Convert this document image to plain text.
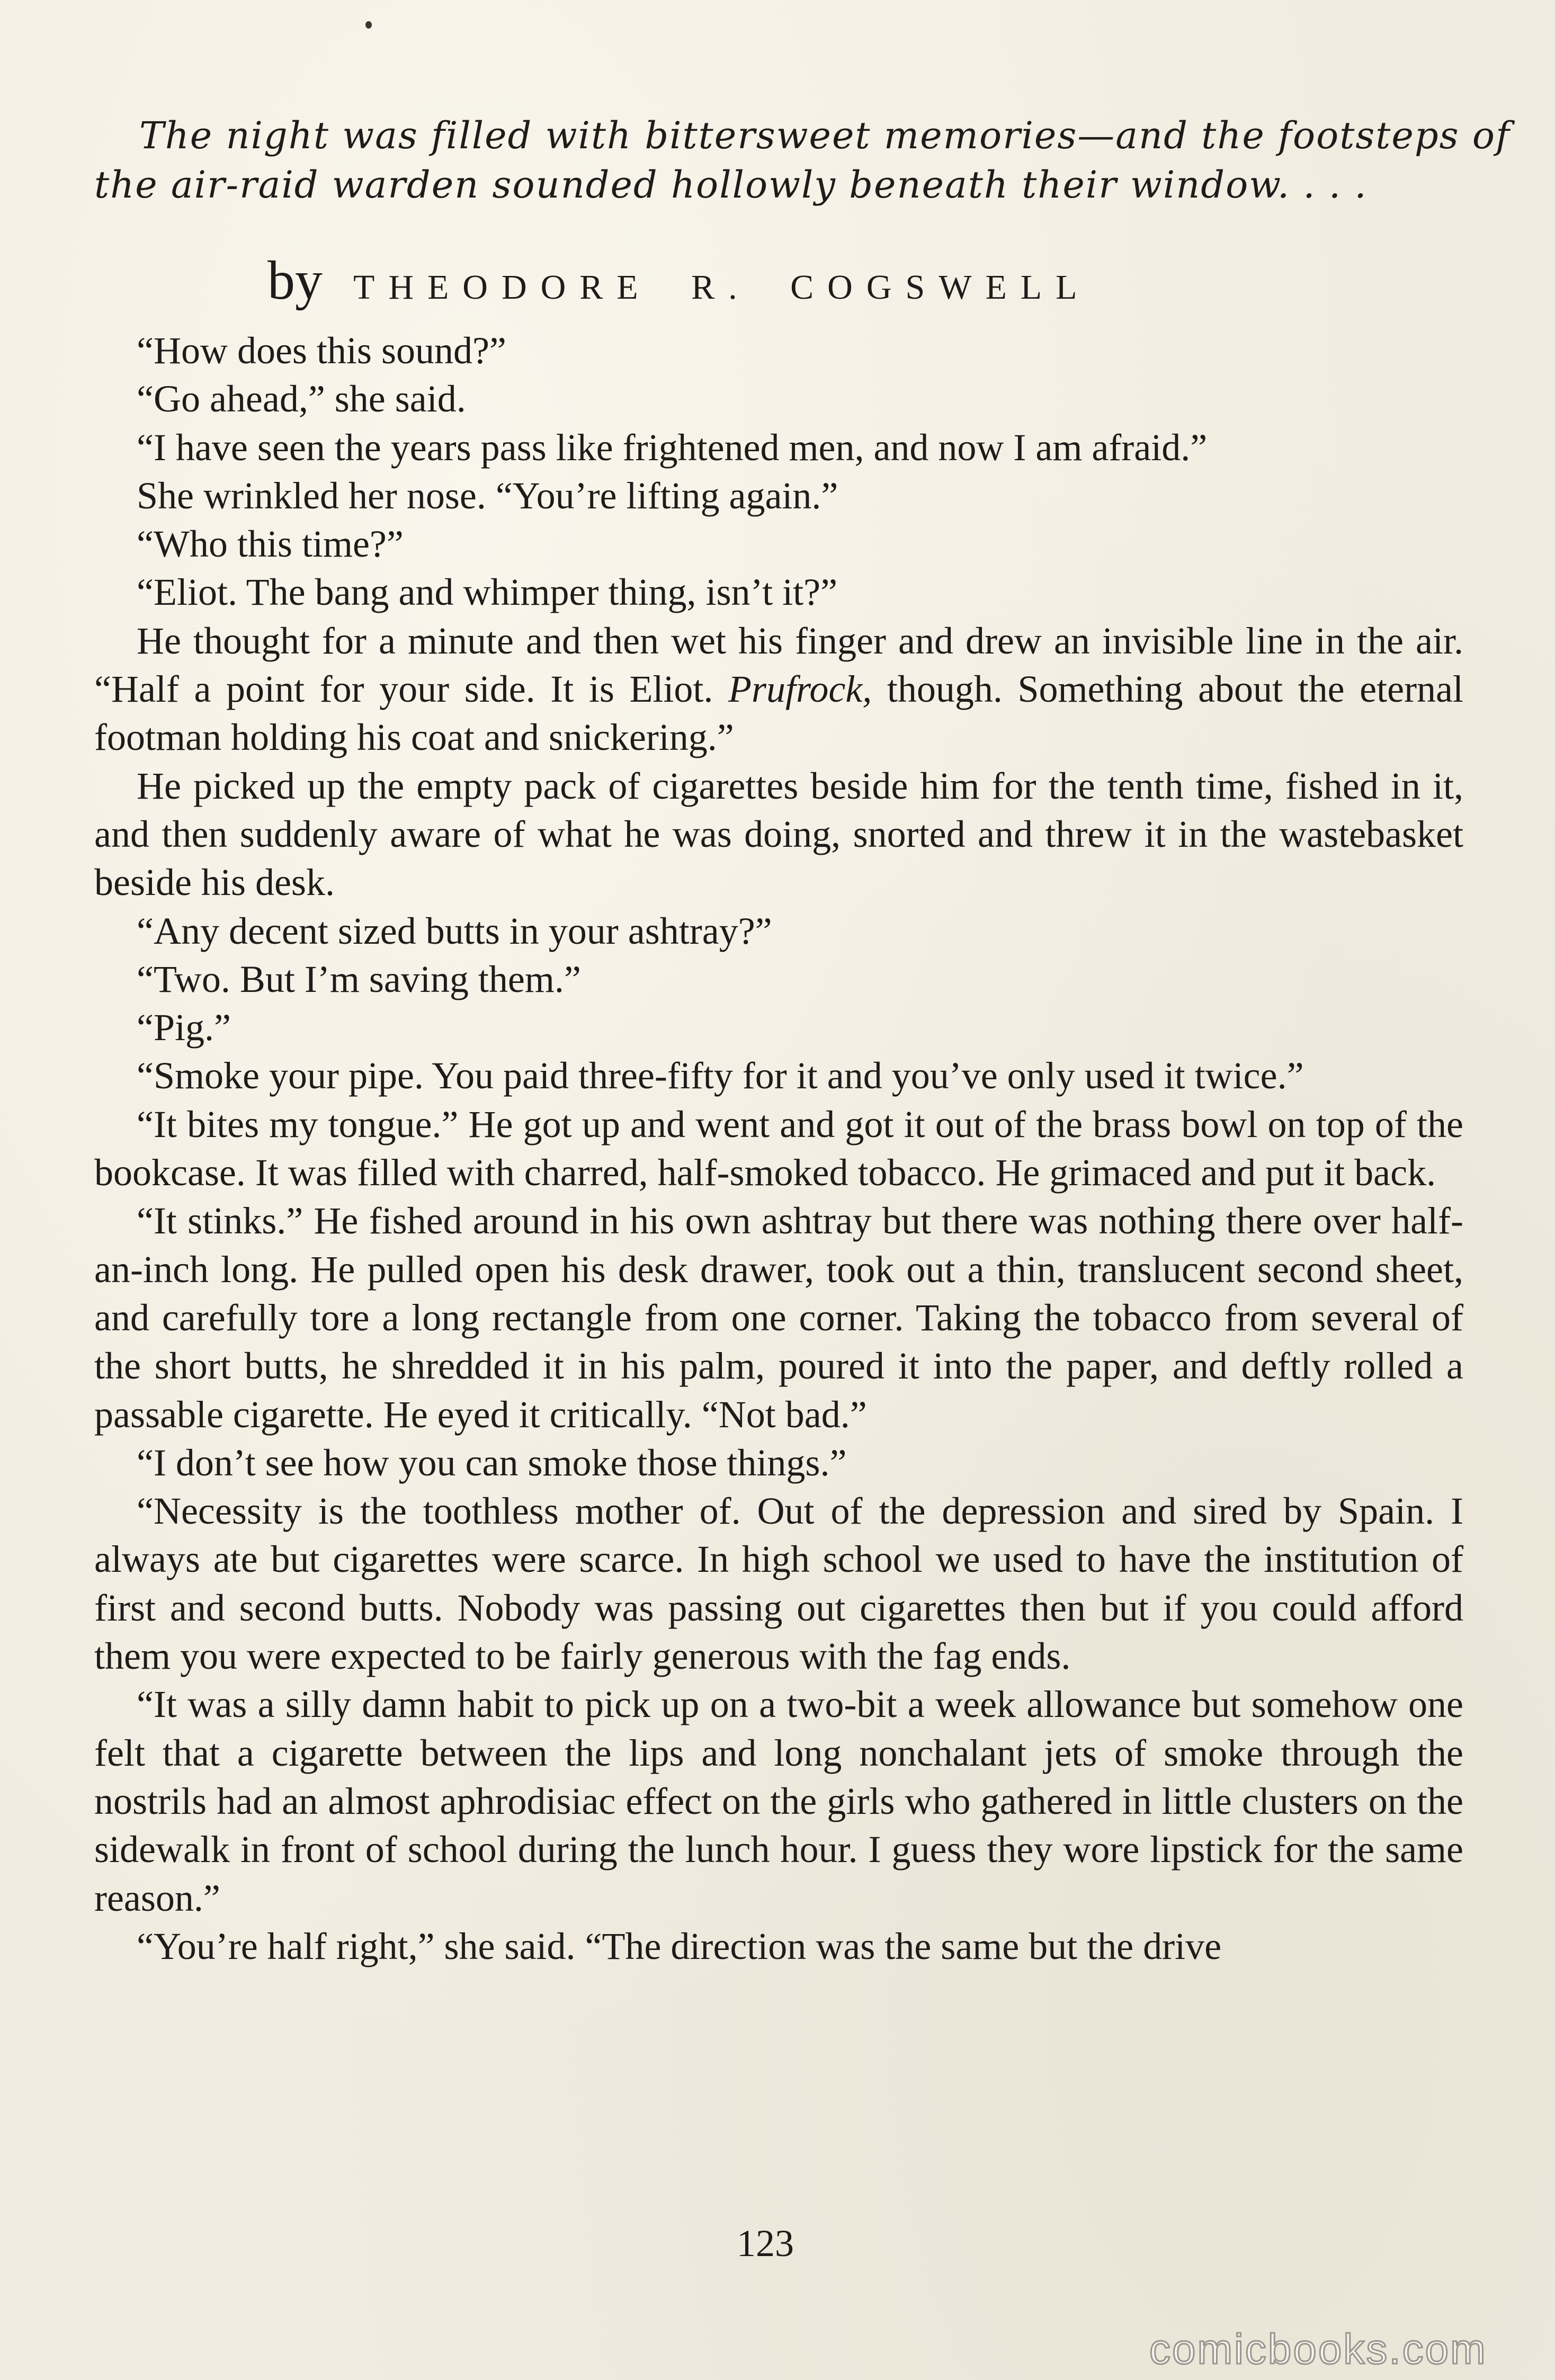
The night was filled with bittersweet memories—and the footsteps of
the air-raid warden sounded hollowly beneath their window. . . .
by THEODORE R. COGSWELL

“How does this sound?”

“Go ahead,” she said.

“I have seen the years pass like frightened men, and now I am afraid.”

She wrinkled her nose. “You’re lifting again.”

“Who this time?”

“Eliot. The bang and whimper thing, isn’t it?”

He thought for a minute and then wet his finger and drew an invisible line in the air. “Half a point for your side. It is Eliot. Prufrock, though. Something about the eternal footman holding his coat and snickering.”

He picked up the empty pack of cigarettes beside him for the tenth time, fished in it, and then suddenly aware of what he was doing, snorted and threw it in the wastebasket beside his desk.

“Any decent sized butts in your ashtray?”

“Two. But I’m saving them.”

“Pig.”

“Smoke your pipe. You paid three-fifty for it and you’ve only used it twice.”

“It bites my tongue.” He got up and went and got it out of the brass bowl on top of the bookcase. It was filled with charred, half-smoked tobacco. He grimaced and put it back.

“It stinks.” He fished around in his own ashtray but there was nothing there over half-an-inch long. He pulled open his desk drawer, took out a thin, translucent second sheet, and carefully tore a long rectangle from one corner. Taking the tobacco from several of the short butts, he shredded it in his palm, poured it into the paper, and deftly rolled a passable cigarette. He eyed it critically. “Not bad.”

“I don’t see how you can smoke those things.”

“Necessity is the toothless mother of. Out of the depression and sired by Spain. I always ate but cigarettes were scarce. In high school we used to have the institution of first and second butts. Nobody was passing out cigarettes then but if you could afford them you were expected to be fairly generous with the fag ends.

“It was a silly damn habit to pick up on a two-bit a week allowance but somehow one felt that a cigarette between the lips and long nonchalant jets of smoke through the nostrils had an almost aphrodisiac effect on the girls who gathered in little clusters on the sidewalk in front of school during the lunch hour. I guess they wore lipstick for the same reason.”

“You’re half right,” she said. “The direction was the same but the drive

123
comicbooks.com
